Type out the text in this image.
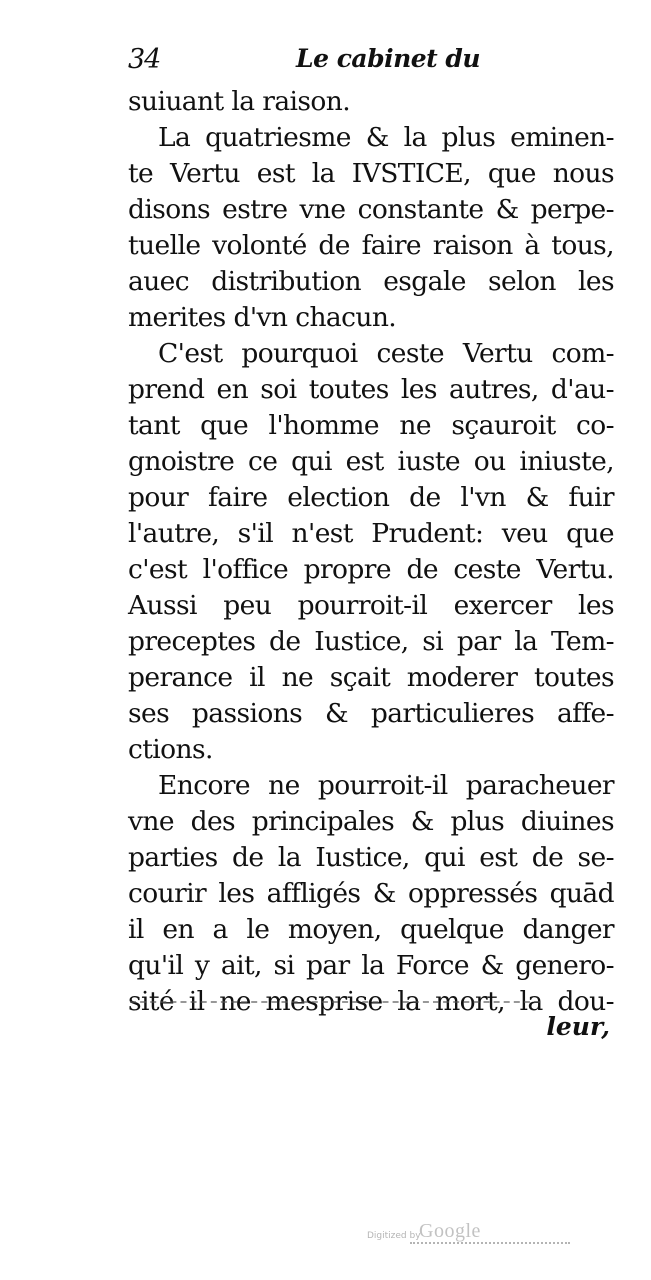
34	Le cabinet du
suiuant la raison.
La quatriesme & la plus eminen-
te Vertu est la IVSTICE, que nous
disons estre vne constante & perpe-
tuelle volonté de faire raison à tous,
auec distribution esgale selon les
merites d'vn chacun.
C'est pourquoi ceste Vertu com-
prend en soi toutes les autres, d'au-
tant que l'homme ne sçauroit co-
gnoistre ce qui est iuste ou iniuste,
pour faire election de l'vn & fuir
l'autre, s'il n'est Prudent: veu que
c'est l'office propre de ceste Vertu.
Aussi peu pourroit-il exercer les
preceptes de Iustice, si par la Tem-
perance il ne sçait moderer toutes
ses passions & particulieres affe-
ctions.
Encore ne pourroit-il paracheuer
vne des principales & plus diuines
parties de la Iustice, qui est de se-
courir les affligés & oppressés quād
il en a le moyen, quelque danger
qu'il y ait, si par la Force & genero-
sité il ne mesprise la mort, la dou-
leur,
Digitized by
Google
